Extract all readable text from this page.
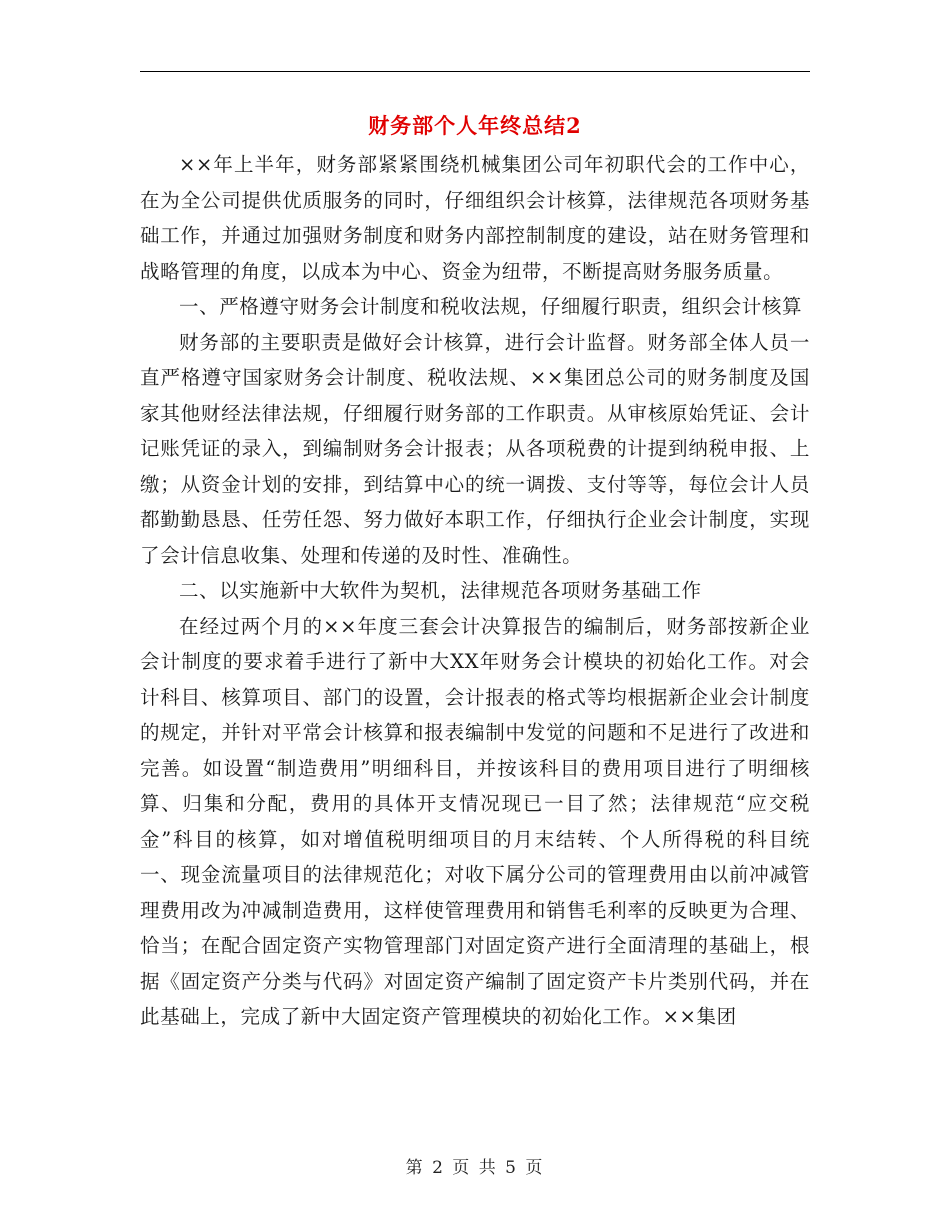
财务部个人年终总结2

××年上半年，财务部紧紧围绕机械集团公司年初职代会的工作中心，在为全公司提供优质服务的同时，仔细组织会计核算，法律规范各项财务基础工作，并通过加强财务制度和财务内部控制制度的建设，站在财务管理和战略管理的角度，以成本为中心、资金为纽带，不断提高财务服务质量。

一、严格遵守财务会计制度和税收法规，仔细履行职责，组织会计核算

财务部的主要职责是做好会计核算，进行会计监督。财务部全体人员一直严格遵守国家财务会计制度、税收法规、××集团总公司的财务制度及国家其他财经法律法规，仔细履行财务部的工作职责。从审核原始凭证、会计记账凭证的录入，到编制财务会计报表；从各项税费的计提到纳税申报、上缴；从资金计划的安排，到结算中心的统一调拨、支付等等，每位会计人员都勤勤恳恳、任劳任怨、努力做好本职工作，仔细执行企业会计制度，实现了会计信息收集、处理和传递的及时性、准确性。

二、以实施新中大软件为契机，法律规范各项财务基础工作

在经过两个月的××年度三套会计决算报告的编制后，财务部按新企业会计制度的要求着手进行了新中大XX年财务会计模块的初始化工作。对会计科目、核算项目、部门的设置，会计报表的格式等均根据新企业会计制度的规定，并针对平常会计核算和报表编制中发觉的问题和不足进行了改进和完善。如设置“制造费用”明细科目，并按该科目的费用项目进行了明细核算、归集和分配，费用的具体开支情况现已一目了然；法律规范“应交税金”科目的核算，如对增值税明细项目的月末结转、个人所得税的科目统一、现金流量项目的法律规范化；对收下属分公司的管理费用由以前冲减管理费用改为冲减制造费用，这样使管理费用和销售毛利率的反映更为合理、恰当；在配合固定资产实物管理部门对固定资产进行全面清理的基础上，根据《固定资产分类与代码》对固定资产编制了固定资产卡片类别代码，并在此基础上，完成了新中大固定资产管理模块的初始化工作。××集团

第 2 页 共 5 页
